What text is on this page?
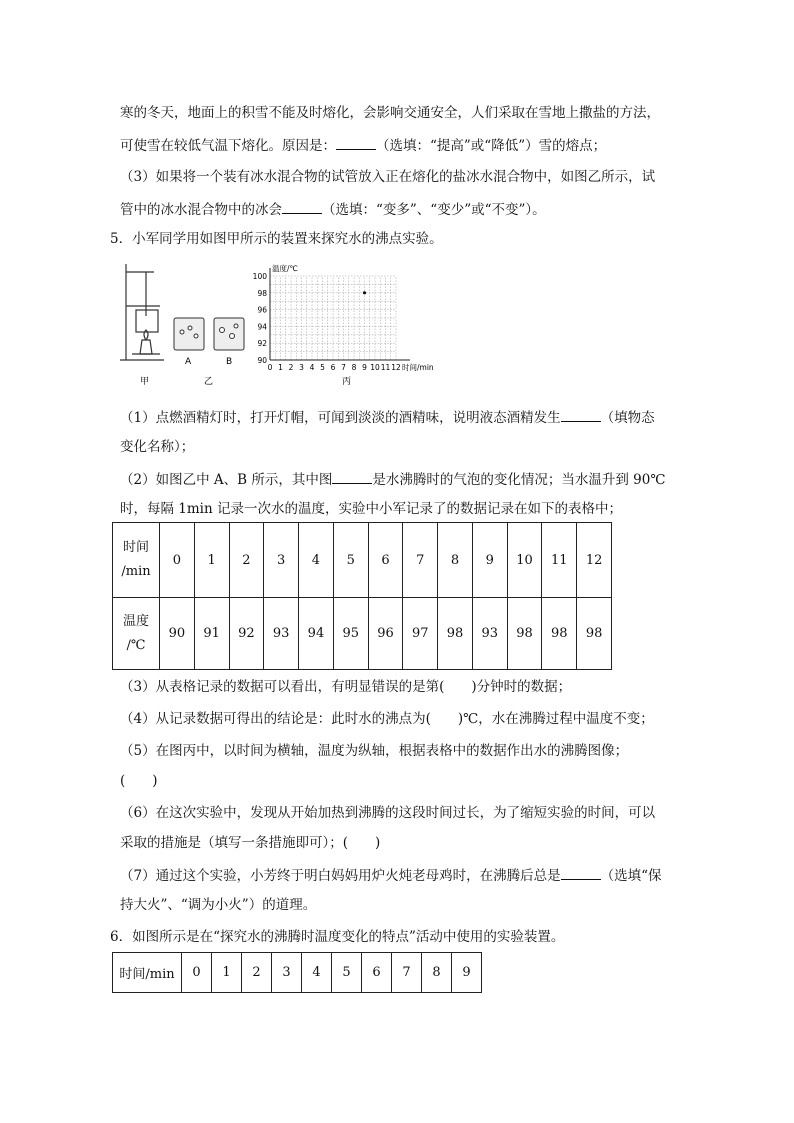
寒的冬天，地面上的积雪不能及时熔化，会影响交通安全，人们采取在雪地上撒盐的方法，
可使雪在较低气温下熔化。原因是：	（选填：“提高”或“降低”）雪的熔点；
（3）如果将一个装有冰水混合物的试管放入正在熔化的盐冰水混合物中，如图乙所示，试
管中的冰水混合物中的冰会	（选填：“变多”、“变少”或“不变”）。
5．小军同学用如图甲所示的装置来探究水的沸点实验。
甲
A	B
乙
90
92
94
96
98
100
0 1 2 3 4 5 6 7 8 9 10 11 12
温度/℃
时间/min
丙
（1）点燃酒精灯时，打开灯帽，可闻到淡淡的酒精味，说明液态酒精发生	（填物态
变化名称）；
（2）如图乙中 A、B 所示，其中图	是水沸腾时的气泡的变化情况；当水温升到 90℃
时，每隔 1min 记录一次水的温度，实验中小军记录了的数据记录在如下的表格中；
时间
/min	0	1	2	3	4	5	6	7	8	9	10	11	12
温度
/℃	90	91	92	93	94	95	96	97	98	93	98	98	98
（3）从表格记录的数据可以看出，有明显错误的是第(　　)分钟时的数据；
（4）从记录数据可得出的结论是：此时水的沸点为(　　)℃，水在沸腾过程中温度不变；
（5）在图丙中，以时间为横轴，温度为纵轴，根据表格中的数据作出水的沸腾图像；
(　　)
（6）在这次实验中，发现从开始加热到沸腾的这段时间过长，为了缩短实验的时间，可以
采取的措施是（填写一条措施即可）；(　　)
（7）通过这个实验，小芳终于明白妈妈用炉火炖老母鸡时，在沸腾后总是	（选填“保
持大火”、“调为小火”）的道理。
6．如图所示是在“探究水的沸腾时温度变化的特点”活动中使用的实验装置。
时间/min	0	1	2	3	4	5	6	7	8	9
